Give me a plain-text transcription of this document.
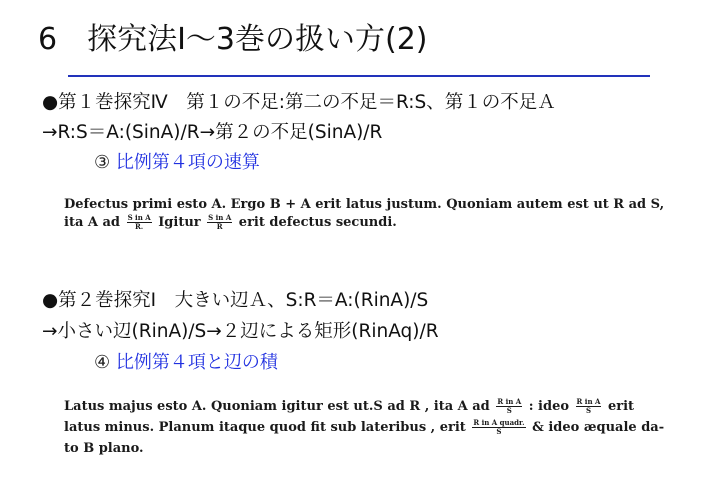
6　探究法Ⅰ～3巻の扱い方(2)
●第１巻探究Ⅳ　第１の不足:第二の不足＝R:S、第１の不足Ａ
→R:S＝A:(SinA)/R→第２の不足(SinA)/R
③ 比例第４項の速算
Defectus primi esto A. Ergo B + A erit latus justum. Quoniam autem est ut R ad S,
ita A ad $\frac{\text{S in A}}{R.}$ Igitur $\frac{\text{S in A}}{R}$ erit defectus secundi.
●第２巻探究Ⅰ　大きい辺Ａ、S:R＝A:(RinA)/S
→小さい辺(RinA)/S→２辺による矩形(RinAq)/R
④ 比例第４項と辺の積
Latus majus esto A. Quoniam igitur est ut.S ad R , ita A ad $\frac{\text{R in A}}{S}$ : ideo $\frac{\text{R in A}}{S}$ erit
latus minus. Planum itaque quod fit sub lateribus , erit $\frac{\text{R in A quadr.}}{S}$ & ideo æquale da-
to B plano.
